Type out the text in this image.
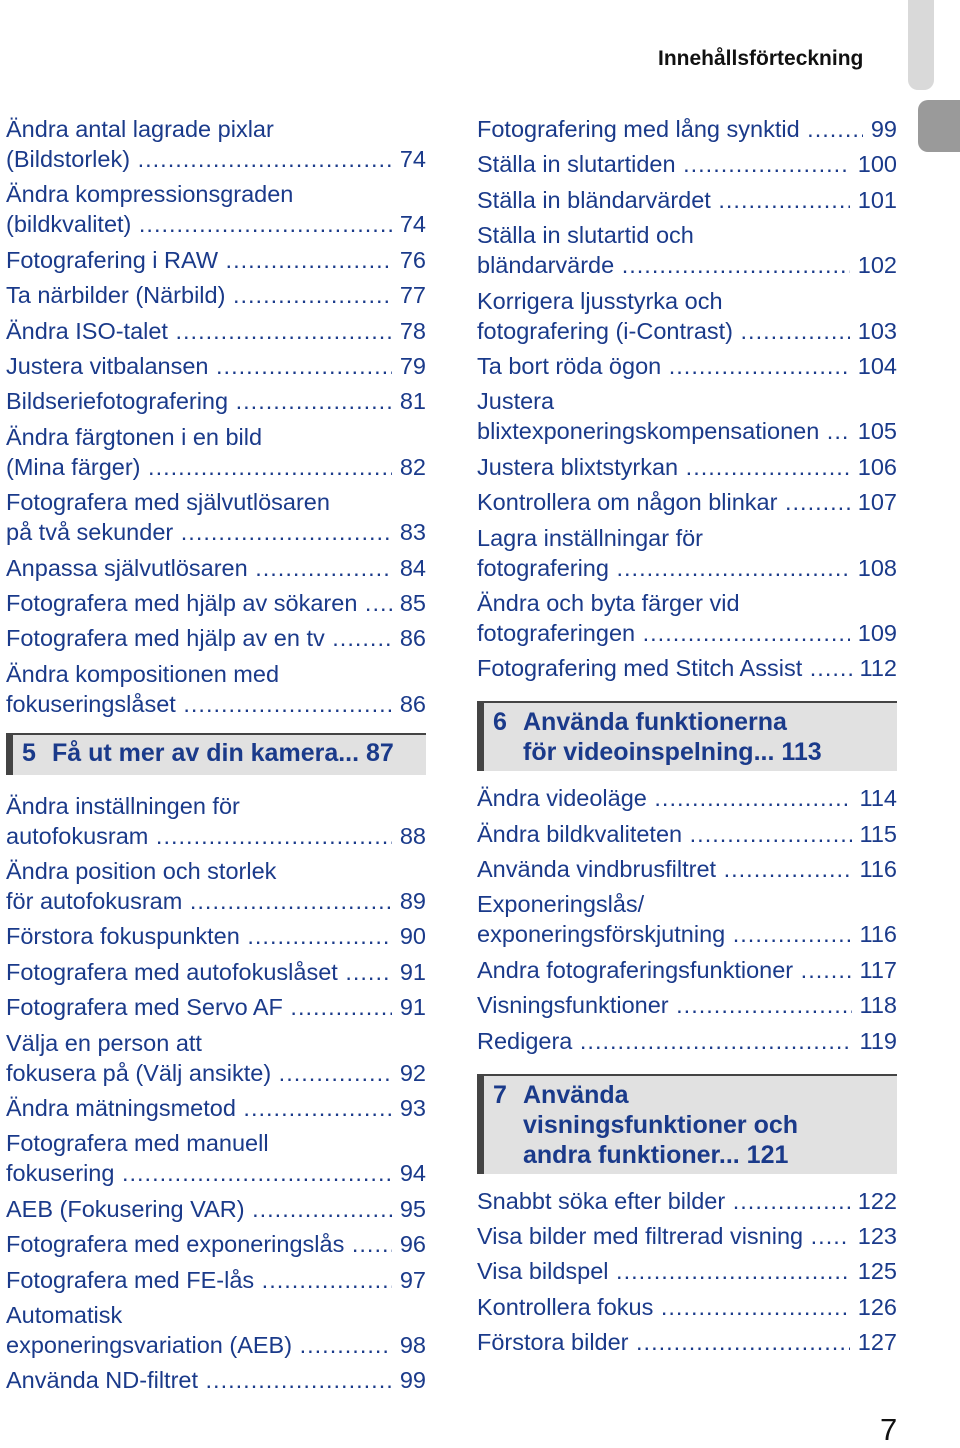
Innehållsförteckning
Ändra antal lagrade pixlar
(Bildstorlek) .....	74
Ändra kompressionsgraden
(bildkvalitet) .....	74
Fotografering i RAW .....	76
Ta närbilder (Närbild) .....	77
Ändra ISO-talet .....	78
Justera vitbalansen .....	79
Bildseriefotografering .....	81
Ändra färgtonen i en bild
(Mina färger) .....	82
Fotografera med självutlösaren
på två sekunder .....	83
Anpassa självutlösaren .....	84
Fotografera med hjälp av sökaren .....	85
Fotografera med hjälp av en tv .....	86
Ändra kompositionen med
fokuseringslåset .....	86
5 Få ut mer av din kamera ... 87
Ändra inställningen för
autofokusram .....	88
Ändra position och storlek
för autofokusram .....	89
Förstora fokuspunkten .....	90
Fotografera med autofokuslåset .....	91
Fotografera med Servo AF .....	91
Välja en person att
fokusera på (Välj ansikte) .....	92
Ändra mätningsmetod .....	93
Fotografera med manuell
fokusering .....	94
AEB (Fokusering VAR) .....	95
Fotografera med exponeringslås .....	96
Fotografera med FE-lås .....	97
Automatisk
exponeringsvariation (AEB) .....	98
Använda ND-filtret .....	99
Fotografering med lång synktid .....	99
Ställa in slutartiden .....	100
Ställa in bländarvärdet .....	101
Ställa in slutartid och
bländarvärde .....	102
Korrigera ljusstyrka och
fotografering (i-Contrast) .....	103
Ta bort röda ögon .....	104
Justera
blixtexponeringskompensationen .....	105
Justera blixtstyrkan .....	106
Kontrollera om någon blinkar .....	107
Lagra inställningar för
fotografering .....	108
Ändra och byta färger vid
fotograferingen .....	109
Fotografering med Stitch Assist .....	112
6 Använda funktionerna
för videoinspelning ... 113
Ändra videoläge .....	114
Ändra bildkvaliteten .....	115
Använda vindbrusfiltret .....	116
Exponeringslås/
exponeringsförskjutning .....	116
Andra fotograferingsfunktioner .....	117
Visningsfunktioner .....	118
Redigera .....	119
7 Använda
visningsfunktioner och
andra funktioner ... 121
Snabbt söka efter bilder .....	122
Visa bilder med filtrerad visning .....	123
Visa bildspel .....	125
Kontrollera fokus .....	126
Förstora bilder .....	127
7
